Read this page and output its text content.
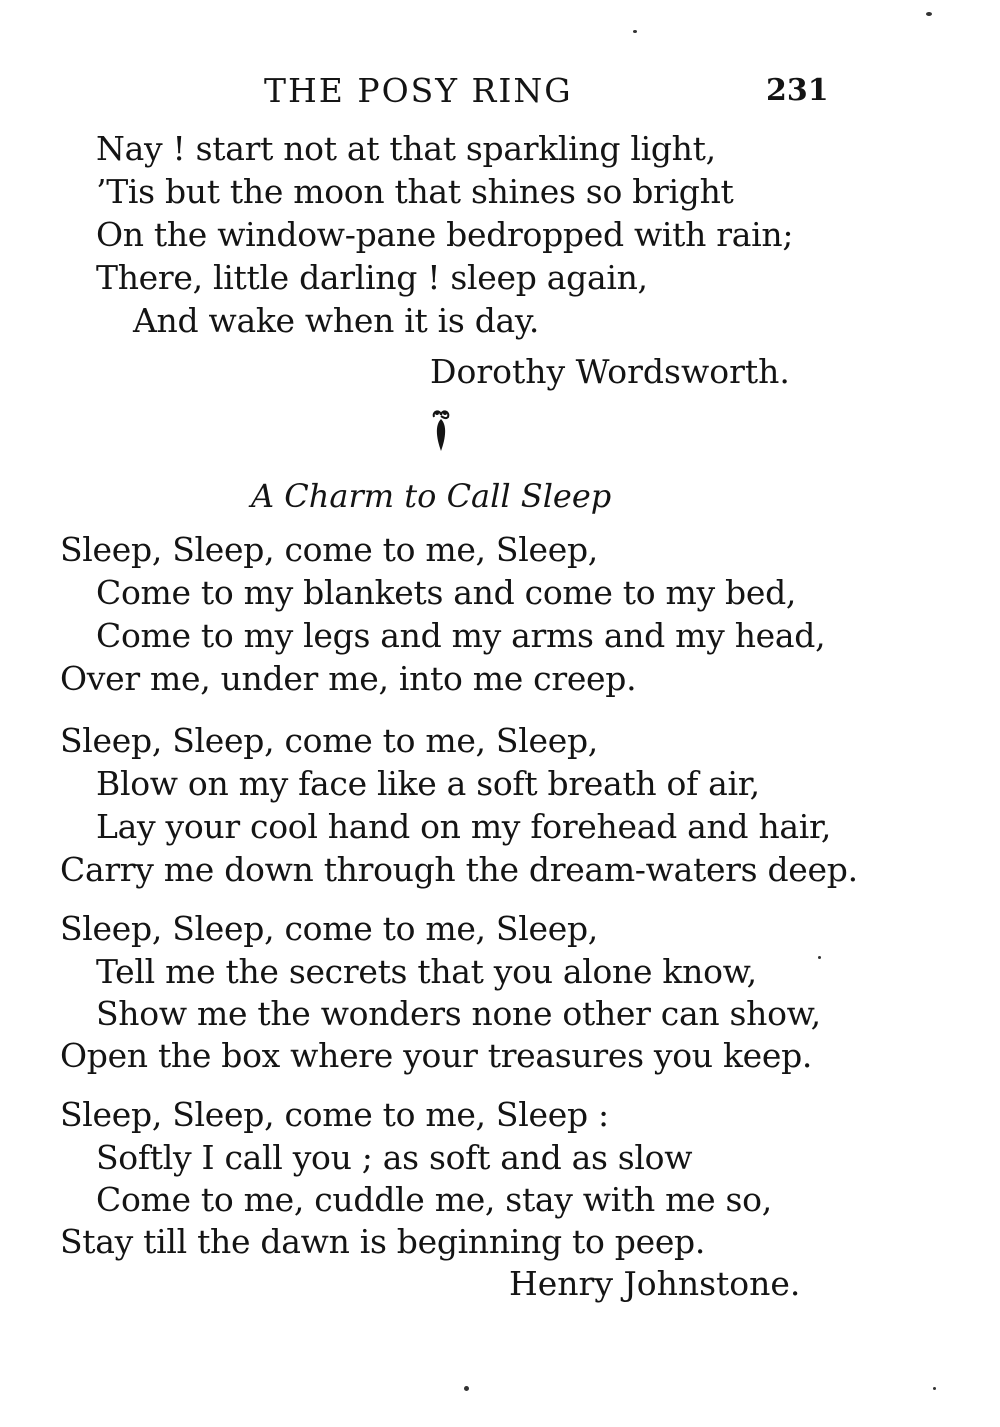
THE POSY RING	231
Nay ! start not at that sparkling light,
’Tis but the moon that shines so bright
On the window-pane bedropped with rain;
There, little darling ! sleep again,
And wake when it is day.
Dorothy Wordsworth.
A Charm to Call Sleep
Sleep, Sleep, come to me, Sleep,
Come to my blankets and come to my bed,
Come to my legs and my arms and my head,
Over me, under me, into me creep.
Sleep, Sleep, come to me, Sleep,
Blow on my face like a soft breath of air,
Lay your cool hand on my forehead and hair,
Carry me down through the dream-waters deep.
Sleep, Sleep, come to me, Sleep,
Tell me the secrets that you alone know,
Show me the wonders none other can show,
Open the box where your treasures you keep.
Sleep, Sleep, come to me, Sleep :
Softly I call you ; as soft and as slow
Come to me, cuddle me, stay with me so,
Stay till the dawn is beginning to peep.
Henry Johnstone.
